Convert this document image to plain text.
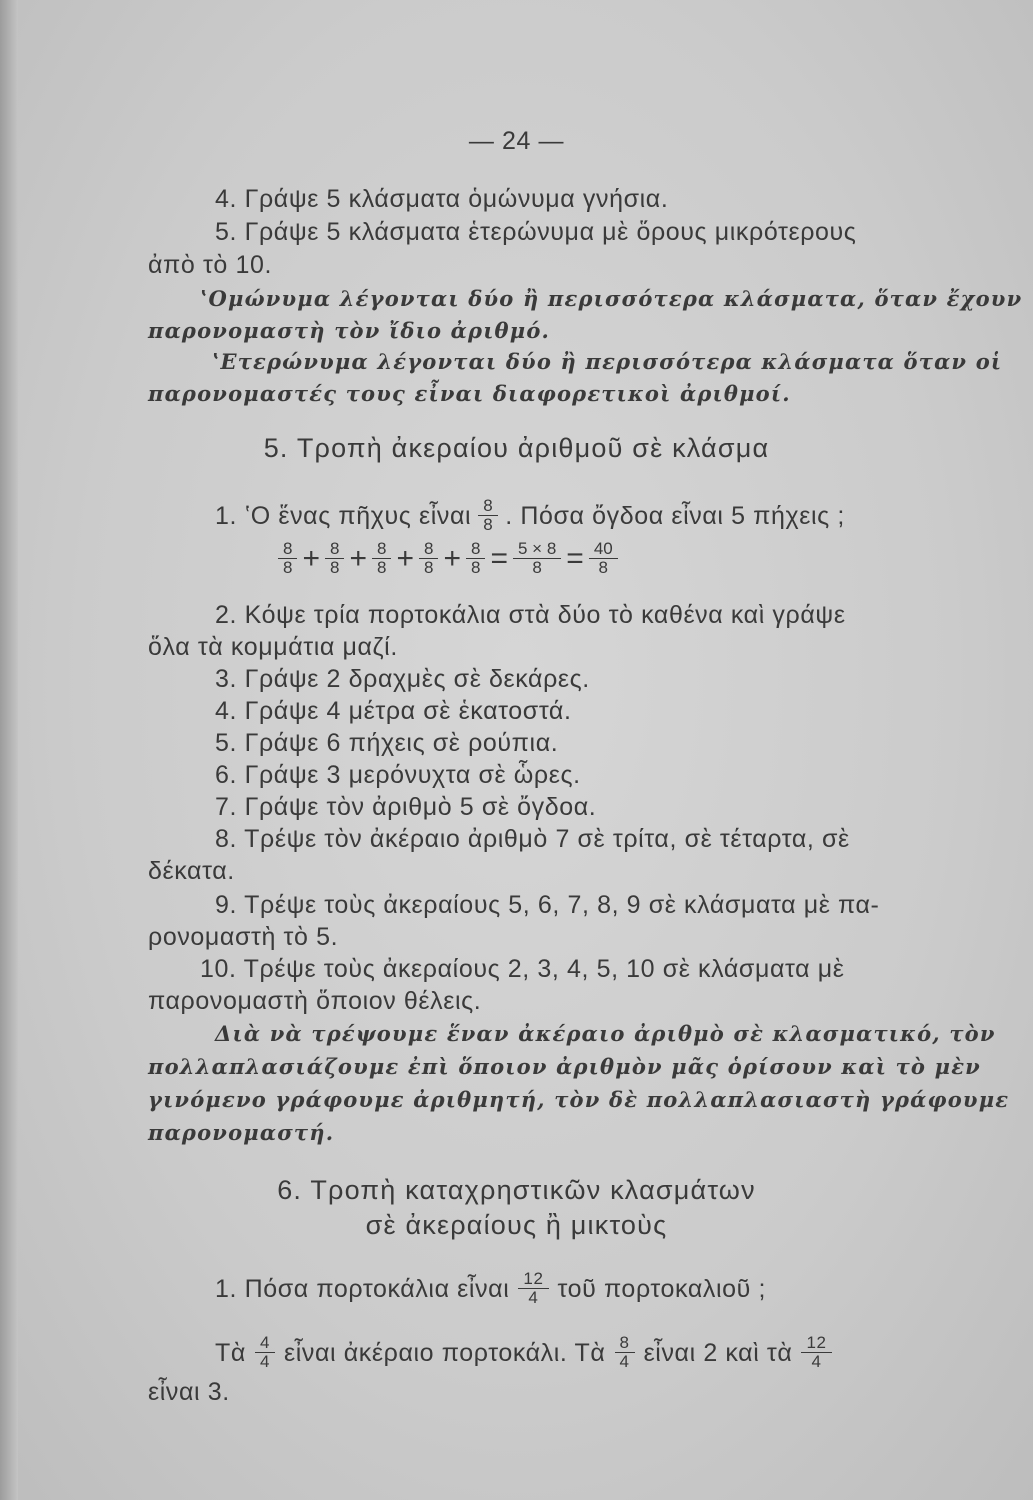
— 24 —
4. Γράψε 5 κλάσματα ὁμώνυμα γνήσια.
5. Γράψε 5 κλάσματα ἑτερώνυμα μὲ ὅρους μικρότερους
ἀπὸ τὸ 10.
ʽΟμώνυμα λέγονται δύο ἢ περισσότερα κλάσματα, ὅταν ἔχουν
παρονομαστὴ τὸν ἴδιο ἀριθμό.
ʽΕτερώνυμα λέγονται δύο ἢ περισσότερα κλάσματα ὅταν οἱ
παρονομαστές τους εἶναι διαφορετικοὶ ἀριθμοί.
5. Τροπὴ ἀκεραίου ἀριθμοῦ σὲ κλάσμα
1. ʽΟ ἕνας πῆχυς εἶναι $\frac{8}{8}$ . Πόσα ὄγδοα εἶναι 5 πήχεις ;
$\frac{8}{8} + \frac{8}{8} + \frac{8}{8} + \frac{8}{8} + \frac{8}{8} = \frac{5 \times 8}{8} = \frac{40}{8}$
2. Κόψε τρία πορτοκάλια στὰ δύο τὸ καθένα καὶ γράψε
ὅλα τὰ κομμάτια μαζί.
3. Γράψε 2 δραχμὲς σὲ δεκάρες.
4. Γράψε 4 μέτρα σὲ ἑκατοστά.
5. Γράψε 6 πήχεις σὲ ρούπια.
6. Γράψε 3 μερόνυχτα σὲ ὧρες.
7. Γράψε τὸν ἀριθμὸ 5 σὲ ὄγδοα.
8. Τρέψε τὸν ἀκέραιο ἀριθμὸ 7 σὲ τρίτα, σὲ τέταρτα, σὲ
δέκατα.
9. Τρέψε τοὺς ἀκεραίους 5, 6, 7, 8, 9 σὲ κλάσματα μὲ πα-
ρονομαστὴ τὸ 5.
10. Τρέψε τοὺς ἀκεραίους 2, 3, 4, 5, 10 σὲ κλάσματα μὲ
παρονομαστὴ ὅποιον θέλεις.
Διὰ νὰ τρέψουμε ἕναν ἀκέραιο ἀριθμὸ σὲ κλασματικό, τὸν
πολλαπλασιάζουμε ἐπὶ ὅποιον ἀριθμὸν μᾶς ὁρίσουν καὶ τὸ μὲν
γινόμενο γράφουμε ἀριθμητή, τὸν δὲ πολλαπλασιαστὴ γράφουμε
παρονομαστή.
6. Τροπὴ καταχρηστικῶν κλασμάτων
σὲ ἀκεραίους ἢ μικτοὺς
1. Πόσα πορτοκάλια εἶναι $\frac{12}{4}$ τοῦ πορτοκαλιοῦ ;
Τὰ $\frac{4}{4}$ εἶναι ἀκέραιο πορτοκάλι. Τὰ $\frac{8}{4}$ εἶναι 2 καὶ τὰ $\frac{12}{4}$
εἶναι 3.
